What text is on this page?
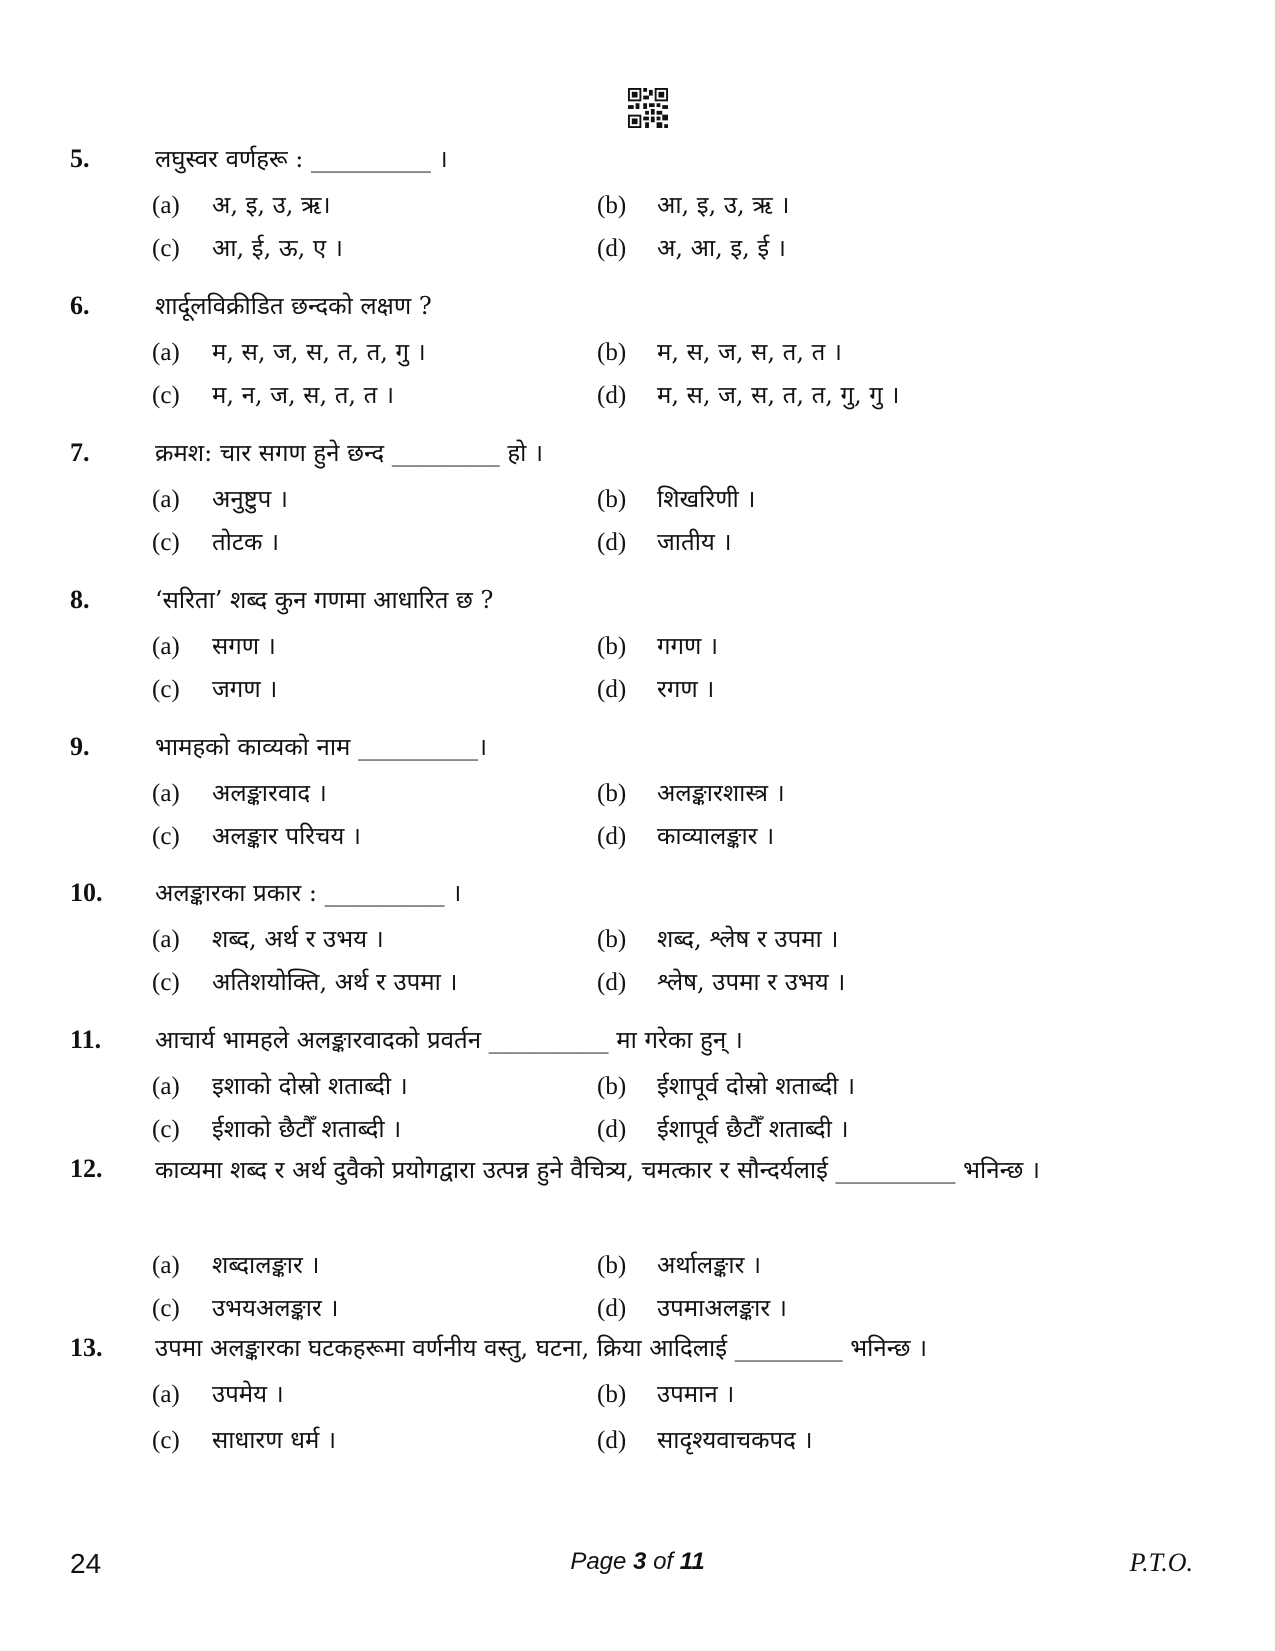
5.	लघुस्वर वर्णहरू : __________ ।
(a) अ, इ, उ, ऋ।	(b) आ, इ, उ, ऋ ।
(c) आ, ई, ऊ, ए ।	(d) अ, आ, इ, ई ।
6.	शार्दूलविक्रीडित छन्दको लक्षण ?
(a) म, स, ज, स, त, त, गु ।	(b) म, स, ज, स, त, त ।
(c) म, न, ज, स, त, त ।	(d) म, स, ज, स, त, त, गु, गु ।
7.	क्रमश: चार सगण हुने छन्द _________ हो ।
(a) अनुष्टुप ।	(b) शिखरिणी ।
(c) तोटक ।	(d) जातीय ।
8.	‘सरिता’ शब्द कुन गणमा आधारित छ ?
(a) सगण ।	(b) गगण ।
(c) जगण ।	(d) रगण ।
9.	भामहको काव्यको नाम __________।
(a) अलङ्कारवाद ।	(b) अलङ्कारशास्त्र ।
(c) अलङ्कार परिचय ।	(d) काव्यालङ्कार ।
10. अलङ्कारका प्रकार : __________ ।
(a) शब्द, अर्थ र उभय ।	(b) शब्द, श्लेष र उपमा ।
(c) अतिशयोक्ति, अर्थ र उपमा ।	(d) श्लेष, उपमा र उभय ।
11. आचार्य भामहले अलङ्कारवादको प्रवर्तन __________ मा गरेका हुन् ।
(a) इशाको दोस्रो शताब्दी ।	(b) ईशापूर्व दोस्रो शताब्दी ।
(c) ईशाको छैटौँ शताब्दी ।	(d) ईशापूर्व छैटौँ शताब्दी ।
12. काव्यमा शब्द र अर्थ दुवैको प्रयोगद्वारा उत्पन्न हुने वैचित्र्य, चमत्कार र सौन्दर्यलाई __________ भनिन्छ ।
(a) शब्दालङ्कार ।	(b) अर्थालङ्कार ।
(c) उभयअलङ्कार ।	(d) उपमाअलङ्कार ।
13. उपमा अलङ्कारका घटकहरूमा वर्णनीय वस्तु, घटना, क्रिया आदिलाई _________ भनिन्छ ।
(a) उपमेय ।	(b) उपमान ।
(c) साधारण धर्म ।	(d) सादृश्यवाचकपद ।
24	Page 3 of 11	P.T.O.
